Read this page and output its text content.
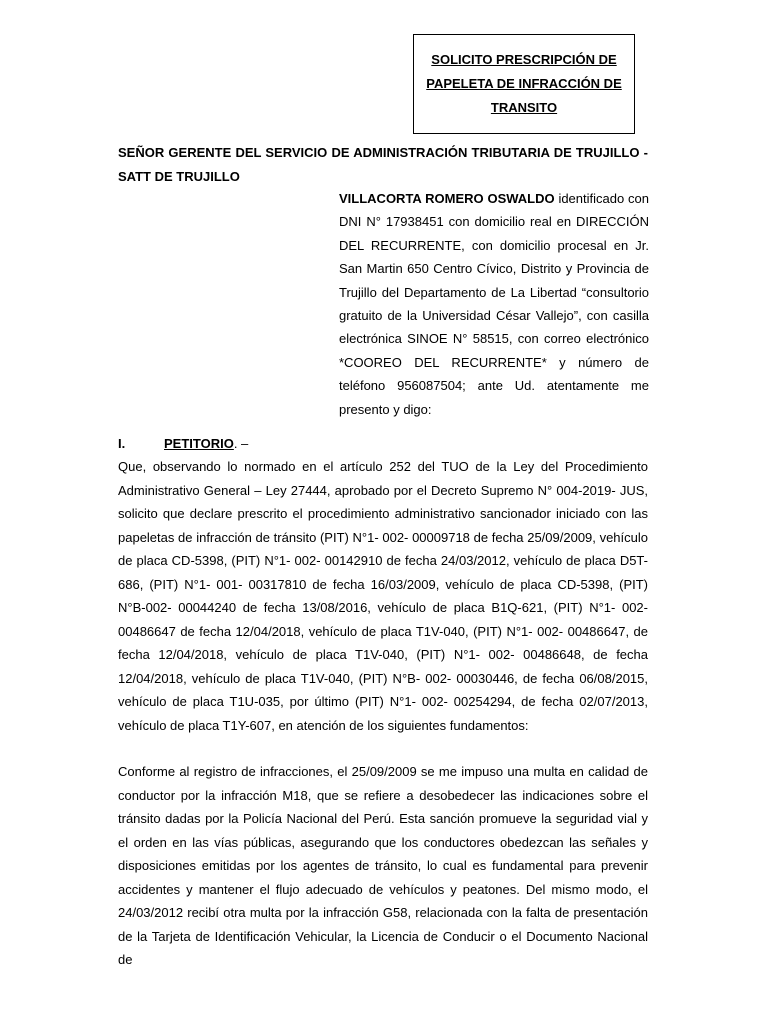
SOLICITO PRESCRIPCIÓN DE
PAPELETA DE INFRACCIÓN DE
TRANSITO

SEÑOR GERENTE DEL SERVICIO DE ADMINISTRACIÓN TRIBUTARIA DE TRUJILLO - SATT DE TRUJILLO

VILLACORTA ROMERO OSWALDO identificado con DNI N° 17938451 con domicilio real en DIRECCIÓN DEL RECURRENTE, con domicilio procesal en Jr. San Martin 650 Centro Cívico, Distrito y Provincia de Trujillo del Departamento de La Libertad “consultorio gratuito de la Universidad César Vallejo”, con casilla electrónica SINOE N° 58515, con correo electrónico *COOREO DEL RECURRENTE* y número de teléfono 956087504; ante Ud. atentamente me presento y digo:

I.	PETITORIO. –

Que, observando lo normado en el artículo 252 del TUO de la Ley del Procedimiento Administrativo General – Ley 27444, aprobado por el Decreto Supremo N° 004-2019- JUS, solicito que declare prescrito el procedimiento administrativo sancionador iniciado con las papeletas de infracción de tránsito (PIT) N°1- 002- 00009718 de fecha 25/09/2009, vehículo de placa CD-5398, (PIT) N°1- 002- 00142910 de fecha 24/03/2012, vehículo de placa D5T-686, (PIT) N°1- 001- 00317810 de fecha 16/03/2009, vehículo de placa CD-5398, (PIT) N°B-002- 00044240 de fecha 13/08/2016, vehículo de placa B1Q-621, (PIT) N°1- 002- 00486647 de fecha 12/04/2018, vehículo de placa T1V-040, (PIT) N°1- 002- 00486647, de fecha 12/04/2018, vehículo de placa T1V-040, (PIT) N°1- 002- 00486648, de fecha 12/04/2018, vehículo de placa T1V-040, (PIT) N°B- 002- 00030446, de fecha 06/08/2015, vehículo de placa T1U-035, por último (PIT) N°1- 002- 00254294, de fecha 02/07/2013, vehículo de placa T1Y-607, en atención de los siguientes fundamentos:

Conforme al registro de infracciones, el 25/09/2009 se me impuso una multa en calidad de conductor por la infracción M18, que se refiere a desobedecer las indicaciones sobre el tránsito dadas por la Policía Nacional del Perú. Esta sanción promueve la seguridad vial y el orden en las vías públicas, asegurando que los conductores obedezcan las señales y disposiciones emitidas por los agentes de tránsito, lo cual es fundamental para prevenir accidentes y mantener el flujo adecuado de vehículos y peatones. Del mismo modo, el 24/03/2012 recibí otra multa por la infracción G58, relacionada con la falta de presentación de la Tarjeta de Identificación Vehicular, la Licencia de Conducir o el Documento Nacional de
